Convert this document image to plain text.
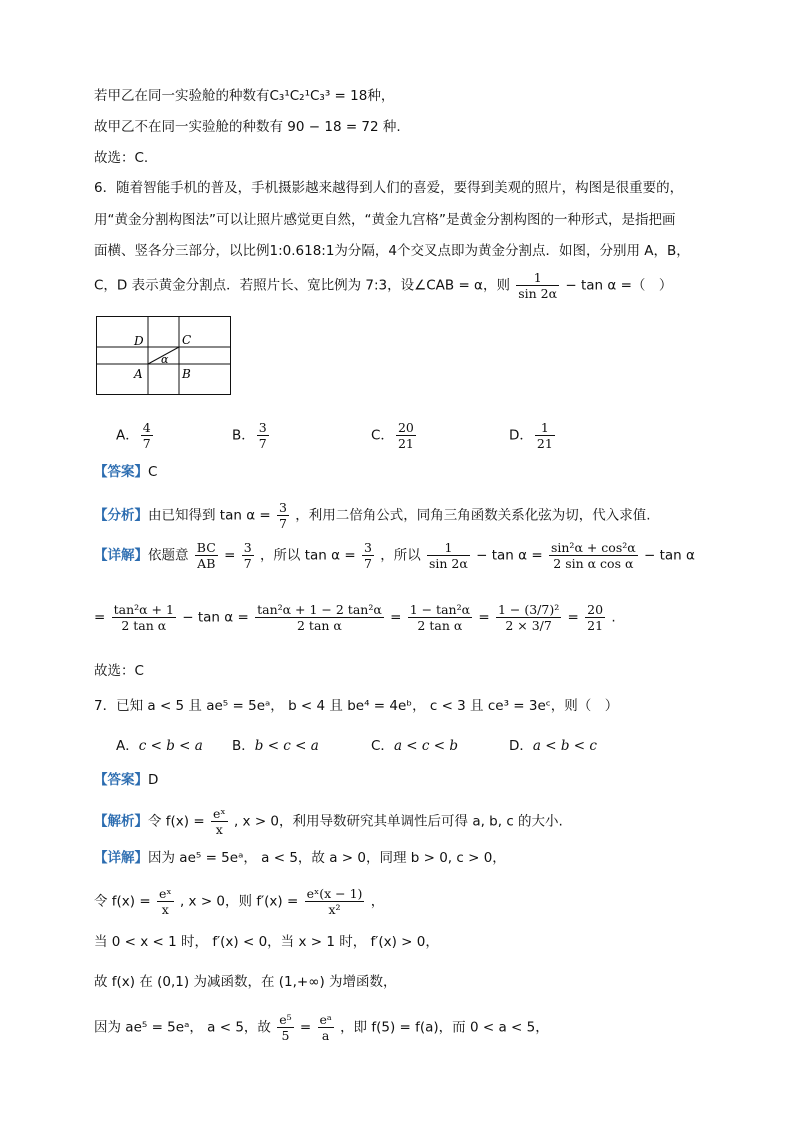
若甲乙在同一实验舱的种数有C₃¹C₂¹C₃³ = 18种，
故甲乙不在同一实验舱的种数有 90 − 18 = 72 种.
故选：C.
6．随着智能手机的普及，手机摄影越来越得到人们的喜爱，要得到美观的照片，构图是很重要的，
用“黄金分割构图法”可以让照片感觉更自然，“黄金九宫格”是黄金分割构图的一种形式，是指把画
面横、竖各分三部分，以比例1:0.618:1为分隔，4个交叉点即为黄金分割点．如图，分别用 A，B，
C，D 表示黄金分割点．若照片长、宽比例为 7:3，设∠CAB = α，则 $\frac{1}{\sin 2\alpha} - \tan \alpha$ =（　）
D	C
A	B
α
A． $\frac{4}{7}$	B． $\frac{3}{7}$	C． $\frac{20}{21}$	D． $\frac{1}{21}$
【答案】C
【分析】由已知得到 $\tan \alpha = \frac{3}{7}$ ，利用二倍角公式，同角三角函数关系化弦为切，代入求值.
【详解】依题意 $\frac{BC}{AB} = \frac{3}{7}$ ，所以 $\tan \alpha = \frac{3}{7}$ ，所以 $\frac{1}{\sin 2\alpha} - \tan \alpha = \frac{\text{sin²α + cos²α}}{\text{2 sin α cos α}} - \tan \alpha$
= $\frac{\text{tan²α + 1}}{\text{2 tan α}} - \tan \alpha = \frac{\text{tan²α + 1 − 2 tan²α}}{\text{2 tan α}} = \frac{\text{1 − tan²α}}{\text{2 tan α}} = \frac{\text{1 − (3/7)²}}{2 \times 3/7} = \frac{20}{21}$ .
故选：C
7．已知 a < 5 且 ae⁵ = 5eᵃ， b < 4 且 be⁴ = 4eᵇ， c < 3 且 ce³ = 3eᶜ，则（　）
A．c < b < a B．b < c < a	C．a < c < b	D．a < b < c
【答案】D
【解析】令 $f(x) = \frac{\text{eˣ}}{x}$ , x > 0，利用导数研究其单调性后可得 a, b, c 的大小.
【详解】因为 ae⁵ = 5eᵃ， a < 5，故 a > 0，同理 b > 0, c > 0，
令 $f(x) = \frac{\text{eˣ}}{x}$ , x > 0，则 $f'(x) = \frac{\text{eˣ(x − 1)}}{\text{x²}}$ ，
当 0 < x < 1 时， f′(x) < 0，当 x > 1 时， f′(x) > 0，
故 f(x) 在 (0,1) 为减函数，在 (1,+∞) 为增函数，
因为 ae⁵ = 5eᵃ， a < 5，故 $\frac{\text{e⁵}}{5} = \frac{\text{eᵃ}}{a}$ ，即 f(5) = f(a)，而 0 < a < 5，
